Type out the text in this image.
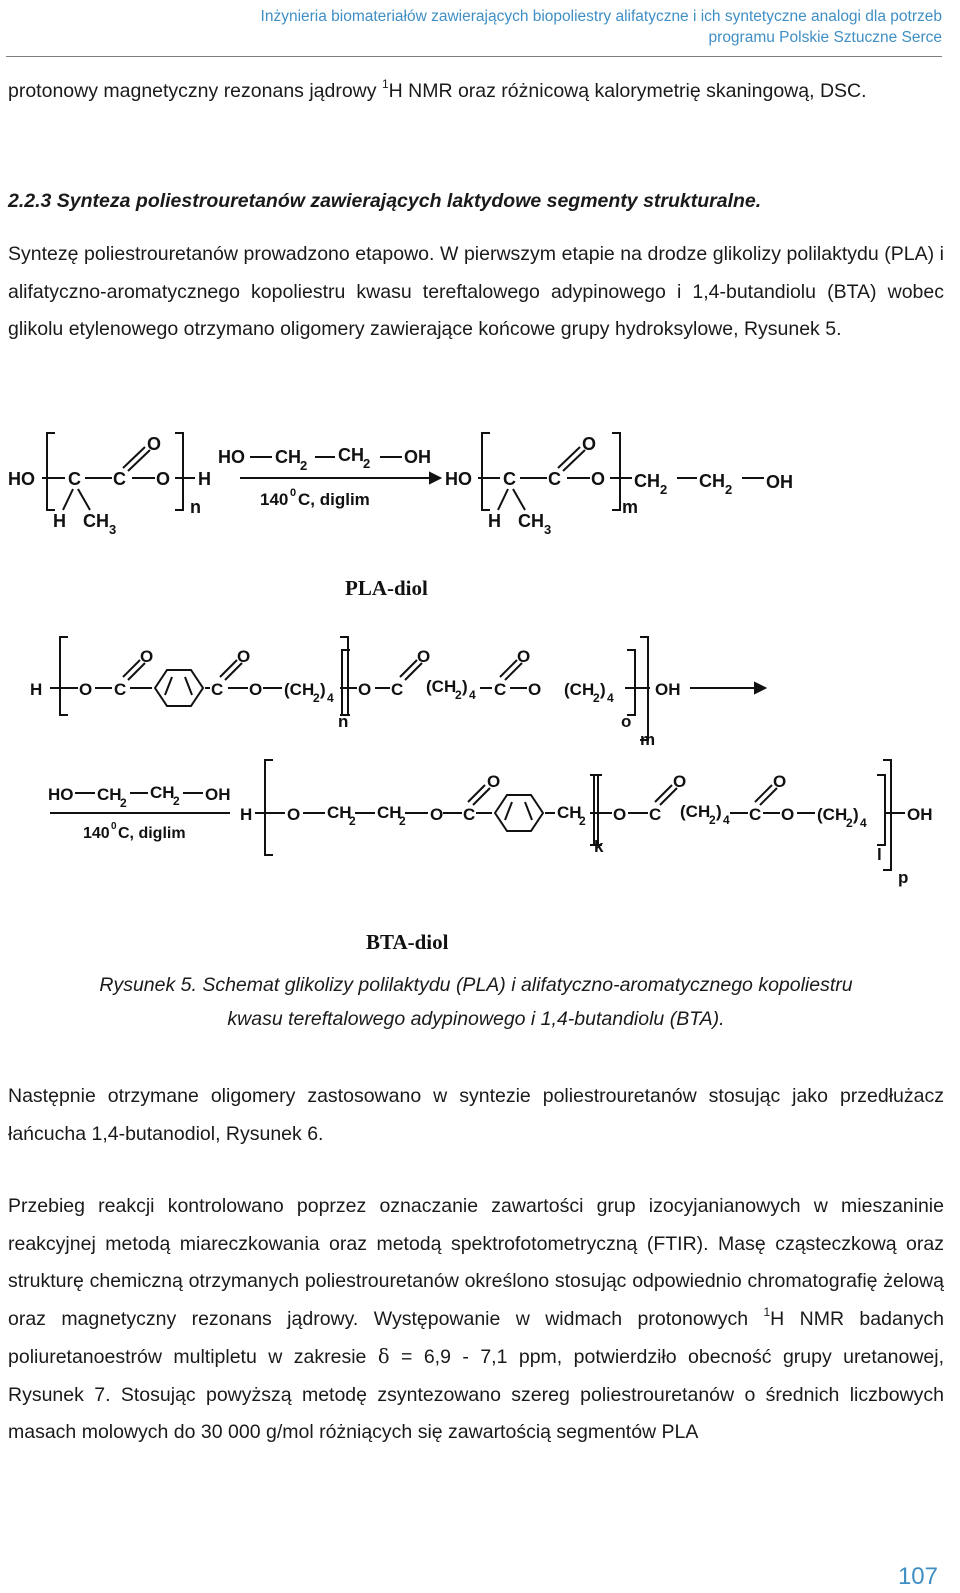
Inżynieria biomateriałów zawierających biopoliestry alifatyczne i ich syntetyczne analogi dla potrzeb
programu Polskie Sztuczne Serce

protonowy magnetyczny rezonans jądrowy $^1$H NMR oraz różnicową kalorymetrię skaningową, DSC.

2.2.3 Synteza poliestrouretanów zawierających laktydowe segmenty strukturalne.

Syntezę poliestrouretanów prowadzono etapowo. W pierwszym etapie na drodze glikolizy polilaktydu (PLA) i alifatyczno-aromatycznego kopoliestru kwasu tereftalowego adypinowego i 1,4-butandiolu (BTA) wobec glikolu etylenowego otrzymano oligomery zawierające końcowe grupy hydroksylowe, Rysunek 5.

HO C C
O
O H
n
H CH 3
HO CH 2
CH 2 OH
140 0 C, diglim
HO C C
O
O
m
CH 2 CH 2 OH
H CH 3
PLA-diol
H O C
O
C
O
O (CH
2 ) 4
n
O C
O
(CH
2 ) 4 C
O
O (CH
2 ) 4
o
m
OH
HO CH
2
CH
2 OH
140 0 C, diglim
H O CH
2 CH
2 O C
O
CH
2
k
O C
O
(CH
2 ) 4 C
O
O (CH
2 ) 4
l
p
OH
BTA-diol
Rysunek 5. Schemat glikolizy polilaktydu (PLA) i alifatyczno-aromatycznego kopoliestru
kwasu tereftalowego adypinowego i 1,4-butandiolu (BTA).

Następnie otrzymane oligomery zastosowano w syntezie poliestrouretanów stosując jako przedłużacz łańcucha 1,4-butanodiol, Rysunek 6.

Przebieg reakcji kontrolowano poprzez oznaczanie zawartości grup izocyjanianowych w mieszaninie reakcyjnej metodą miareczkowania oraz metodą spektrofotometryczną (FTIR). Masę cząsteczkową oraz strukturę chemiczną otrzymanych poliestrouretanów określono stosując odpowiednio chromatografię żelową oraz magnetyczny rezonans jądrowy. Występowanie w widmach protonowych $^1$H NMR badanych poliuretanoestrów multipletu w zakresie δ = 6,9 - 7,1 ppm, potwierdziło obecność grupy uretanowej, Rysunek 7. Stosując powyższą metodę zsyntezowano szereg poliestrouretanów o średnich liczbowych masach molowych do 30 000 g/mol różniących się zawartością segmentów PLA

107
